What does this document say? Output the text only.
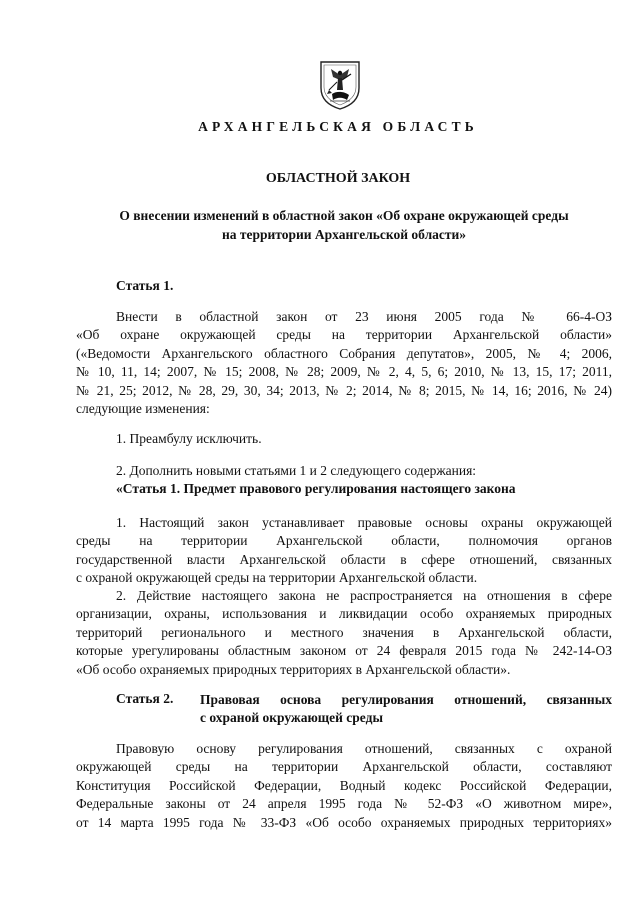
АРХАНГЕЛЬСКАЯ ОБЛАСТЬ
ОБЛАСТНОЙ ЗАКОН
О внесении изменений в областной закон «Об охране окружающей среды
на территории Архангельской области»
Статья 1.
Внести в областной закон от 23 июня 2005 года № 66-4-ОЗ
«Об охране окружающей среды на территории Архангельской области»
(«Ведомости Архангельского областного Собрания депутатов», 2005, № 4; 2006,
№ 10, 11, 14; 2007, № 15; 2008, № 28; 2009, № 2, 4, 5, 6; 2010, № 13, 15, 17; 2011,
№ 21, 25; 2012, № 28, 29, 30, 34; 2013, № 2; 2014, № 8; 2015, № 14, 16; 2016, № 24)
следующие изменения:
1. Преамбулу исключить.
2. Дополнить новыми статьями 1 и 2 следующего содержания:
«Статья 1. Предмет правового регулирования настоящего закона
1. Настоящий закон устанавливает правовые основы охраны окружающей
среды на территории Архангельской области, полномочия органов
государственной власти Архангельской области в сфере отношений, связанных
с охраной окружающей среды на территории Архангельской области.
2. Действие настоящего закона не распространяется на отношения в сфере
организации, охраны, использования и ликвидации особо охраняемых природных
территорий регионального и местного значения в Архангельской области,
которые урегулированы областным законом от 24 февраля 2015 года № 242-14-ОЗ
«Об особо охраняемых природных территориях в Архангельской области».
Статья 2. Правовая основа регулирования отношений, связанных
с охраной окружающей среды
Правовую основу регулирования отношений, связанных с охраной
окружающей среды на территории Архангельской области, составляют
Конституция Российской Федерации, Водный кодекс Российской Федерации,
Федеральные законы от 24 апреля 1995 года № 52-ФЗ «О животном мире»,
от 14 марта 1995 года № 33-ФЗ «Об особо охраняемых природных территориях»
